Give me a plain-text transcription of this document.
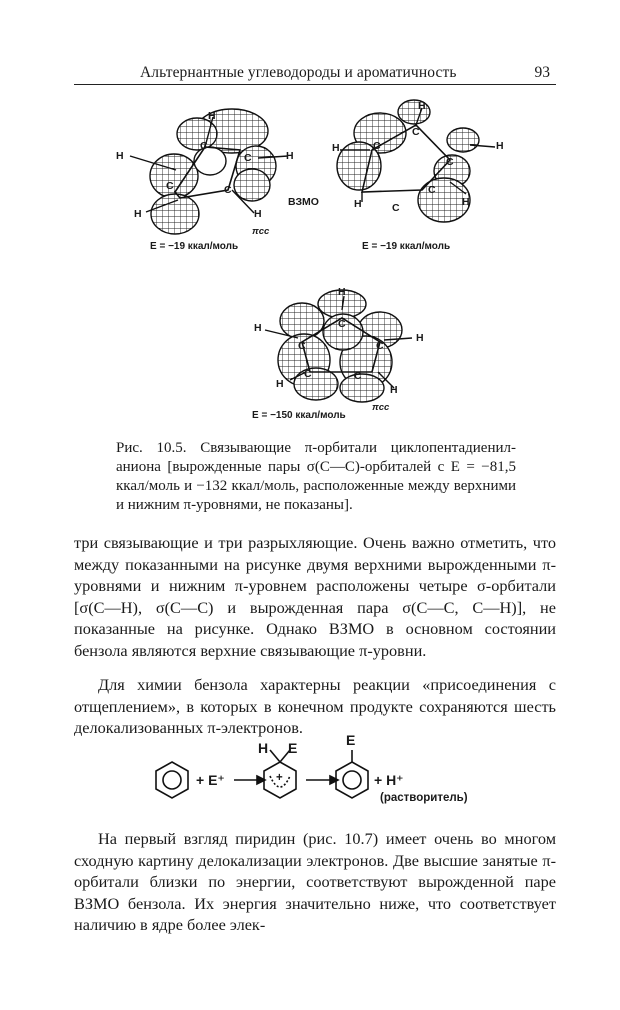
Альтернантные углеводороды и ароматичность	93
H	H
H	H
H
C
C
C	C
πcc
ВЗМО
E = −19 ккал/моль
H
H
H
H	H
C
C
C
C
C
E = −19 ккал/моль
H
H
H
H	H
C
C	C
C	C
πcc
E = −150 ккал/моль
Рис. 10.5. Связывающие π-орбитали циклопентадиенил-аниона [вырожденные пары σ(C—C)-орбиталей с E = −81,5 ккал/моль и −132 ккал/моль, расположенные между верхними и нижним π-уровнями, не показаны].
три связывающие и три разрыхляющие. Очень важно отметить, что между показанными на рисунке двумя верхними вырожденными π-уровнями и нижним π-уровнем расположены четыре σ-орбитали [σ(C—H), σ(C—C) и вырожденная пара σ(C—C, C—H)], не показанные на рисунке. Однако ВЗМО в основном состоянии бензола являются верхние связывающие π-уровни.
Для химии бензола характерны реакции «присоединения с отщеплением», в которых в конечном продукте сохраняются шесть делокализованных π-электронов.
+ E⁺
H E
+
E
+ H⁺
(растворитель)
На первый взгляд пиридин (рис. 10.7) имеет очень во многом сходную картину делокализации электронов. Две высшие занятые π-орбитали близки по энергии, соответствуют вырожденной паре ВЗМО бензола. Их энергия значительно ниже, что соответствует наличию в ядре более элек-
